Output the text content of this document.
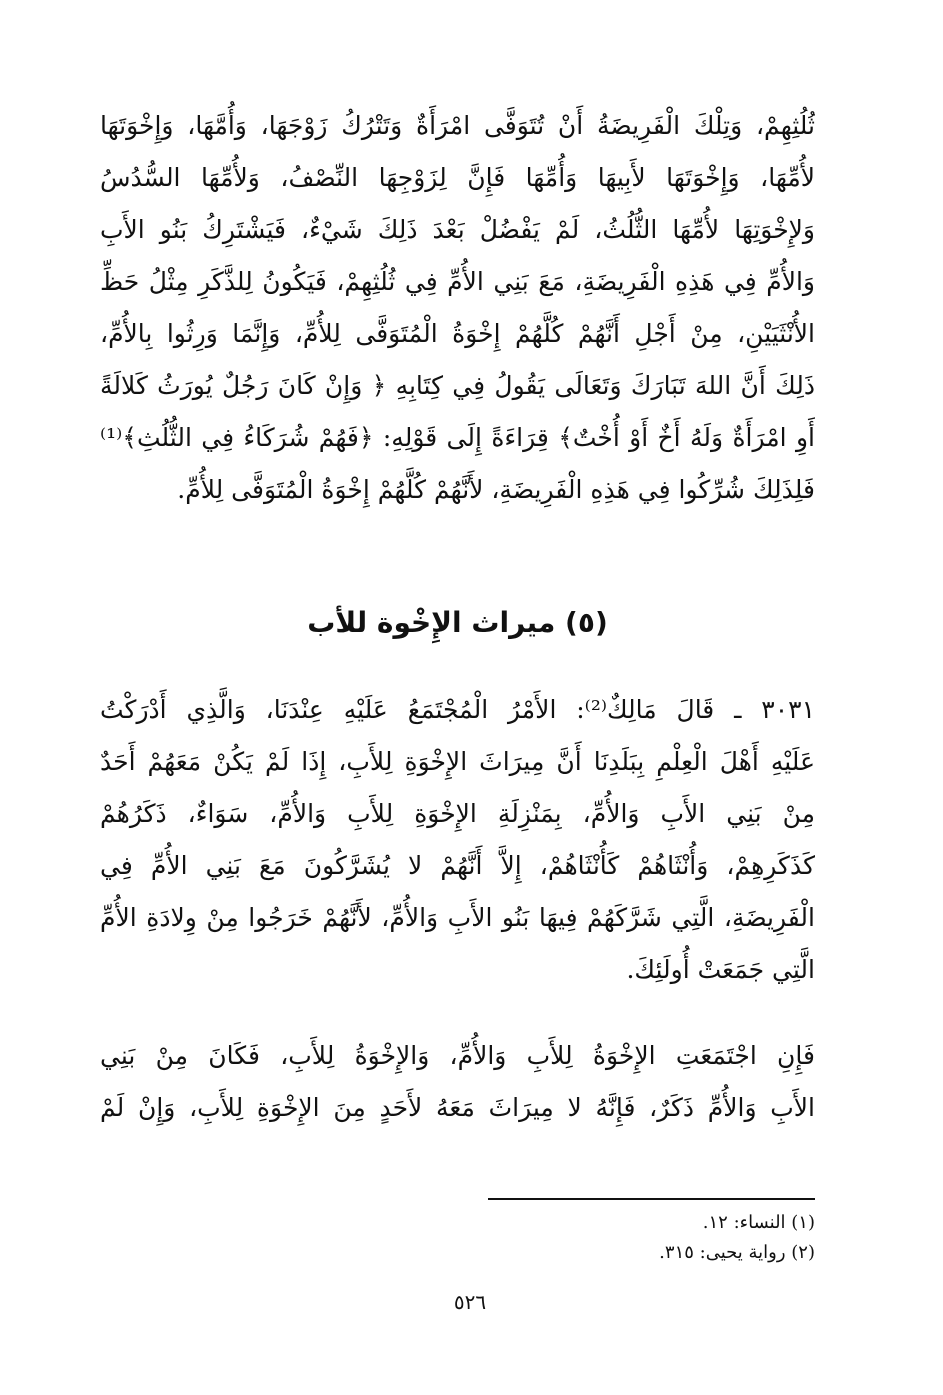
ثُلُثِهِمْ، وَتِلْكَ الْفَرِيضَةُ أَنْ تُتَوَفَّى امْرَأَةٌ وَتَتْرُكُ زَوْجَهَا، وَأُمَّهَا، وَإِخْوَتَهَا
لأُمِّهَا، وَإِخْوَتَهَا لأَبِيهَا وَأُمِّهَا فَإِنَّ لِزَوْجِهَا النِّصْفُ، وَلأُمِّهَا السُّدُسُ
وَلإِخْوَتِهَا لأُمِّهَا الثُّلُثُ، لَمْ يَفْضُلْ بَعْدَ ذَلِكَ شَيْءٌ، فَيَشْتَرِكُ بَنُو الأَبِ
وَالأُمِّ فِي هَذِهِ الْفَرِيضَةِ، مَعَ بَنِي الأُمِّ فِي ثُلُثِهِمْ، فَيَكُونُ لِلذَّكَرِ مِثْلُ حَظِّ
الأُنْثَيَيْنِ، مِنْ أَجْلِ أَنَّهُمْ كُلَّهُمْ إِخْوَةُ الْمُتَوَفَّى لِلأُمِّ، وَإِنَّمَا وَرِثُوا بِالأُمِّ،
ذَلِكَ أَنَّ اللهَ تَبَارَكَ وَتَعَالَى يَقُولُ فِي كِتَابِهِ ﴿ وَإِنْ كَانَ رَجُلٌ يُورَثُ كَلالَةً
أَوِ امْرَأَةٌ وَلَهُ أَخٌ أَوْ أُخْتٌ﴾ قِرَاءَةً إِلَى قَوْلِهِ: ﴿فَهُمْ شُرَكَاءُ فِي الثُّلُثِ﴾⁽¹⁾
فَلِذَلِكَ شُرِّكُوا فِي هَذِهِ الْفَرِيضَةِ، لأَنَّهُمْ كُلَّهُمْ إِخْوَةُ الْمُتَوَفَّى لِلأُمِّ.
(٥) ميراث الإِخْوة للأب
٣٠٣١ ـ قَالَ مَالِكٌ⁽²⁾: الأَمْرُ الْمُجْتَمَعُ عَلَيْهِ عِنْدَنَا، وَالَّذِي أَدْرَكْتُ
عَلَيْهِ أَهْلَ الْعِلْمِ بِبَلَدِنَا أَنَّ مِيرَاثَ الإِخْوَةِ لِلأَبِ، إِذَا لَمْ يَكُنْ مَعَهُمْ أَحَدٌ
مِنْ بَنِي الأَبِ وَالأُمِّ، بِمَنْزِلَةِ الإِخْوَةِ لِلأَبِ وَالأُمِّ، سَوَاءٌ، ذَكَرُهُمْ
كَذَكَرِهِمْ، وَأُنْثَاهُمْ كَأُنْثَاهُمْ، إِلاَّ أَنَّهُمْ لا يُشَرَّكُونَ مَعَ بَنِي الأُمِّ فِي
الْفَرِيضَةِ، الَّتِي شَرَّكَهُمْ فِيهَا بَنُو الأَبِ وَالأُمِّ، لأَنَّهُمْ خَرَجُوا مِنْ وِلادَةِ الأُمِّ
الَّتِي جَمَعَتْ أُولَئِكَ.
فَإِنِ اجْتَمَعَتِ الإِخْوَةُ لِلأَبِ وَالأُمِّ، وَالإِخْوَةُ لِلأَبِ، فَكَانَ مِنْ بَنِي
الأَبِ وَالأُمِّ ذَكَرٌ، فَإِنَّهُ لا مِيرَاثَ مَعَهُ لأَحَدٍ مِنَ الإِخْوَةِ لِلأَبِ، وَإِنْ لَمْ
(١) النساء: ١٢.
(٢) رواية يحيى: ٣١٥.
٥٢٦
